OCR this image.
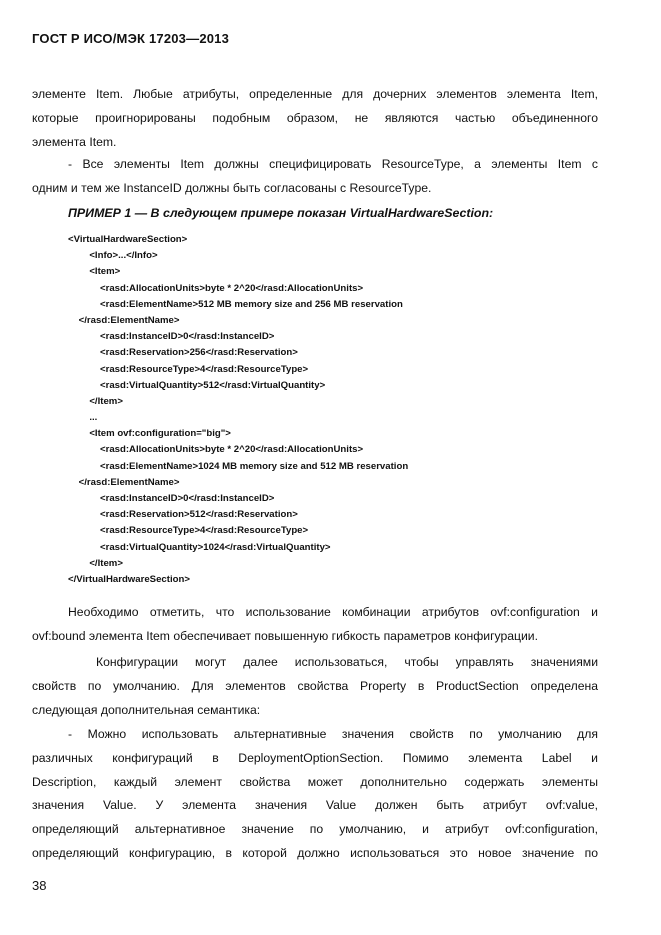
ГОСТ Р ИСО/МЭК 17203—2013
элементе Item. Любые атрибуты, определенные для дочерних элементов элемента Item,
которые проигнорированы подобным образом, не являются частью объединенного
элемента Item.
- Все элементы Item должны специфицировать ResourceType, а элементы Item с
одним и тем же InstanceID должны быть согласованы с ResourceType.
ПРИМЕР 1 — В следующем примере показан VirtualHardwareSection:
<VirtualHardwareSection>
<Info>...</Info>
<Item>
<rasd:AllocationUnits>byte * 2^20</rasd:AllocationUnits>
<rasd:ElementName>512 MB memory size and 256 MB reservation
</rasd:ElementName>
<rasd:InstanceID>0</rasd:InstanceID>
<rasd:Reservation>256</rasd:Reservation>
<rasd:ResourceType>4</rasd:ResourceType>
<rasd:VirtualQuantity>512</rasd:VirtualQuantity>
</Item>
...
<Item ovf:configuration="big">
<rasd:AllocationUnits>byte * 2^20</rasd:AllocationUnits>
<rasd:ElementName>1024 MB memory size and 512 MB reservation
</rasd:ElementName>
<rasd:InstanceID>0</rasd:InstanceID>
<rasd:Reservation>512</rasd:Reservation>
<rasd:ResourceType>4</rasd:ResourceType>
<rasd:VirtualQuantity>1024</rasd:VirtualQuantity>
</Item>
</VirtualHardwareSection>
Необходимо отметить, что использование комбинации атрибутов ovf:configuration и
ovf:bound элемента Item обеспечивает повышенную гибкость параметров конфигурации.
Конфигурации могут далее использоваться, чтобы управлять значениями
свойств по умолчанию. Для элементов свойства Property в ProductSection определена
следующая дополнительная семантика:
- Можно использовать альтернативные значения свойств по умолчанию для
различных конфигураций в DeploymentOptionSection. Помимо элемента Label и
Description, каждый элемент свойства может дополнительно содержать элементы
значения Value. У элемента значения Value должен быть атрибут ovf:value,
определяющий альтернативное значение по умолчанию, и атрибут ovf:configuration,
определяющий конфигурацию, в которой должно использоваться это новое значение по
38
